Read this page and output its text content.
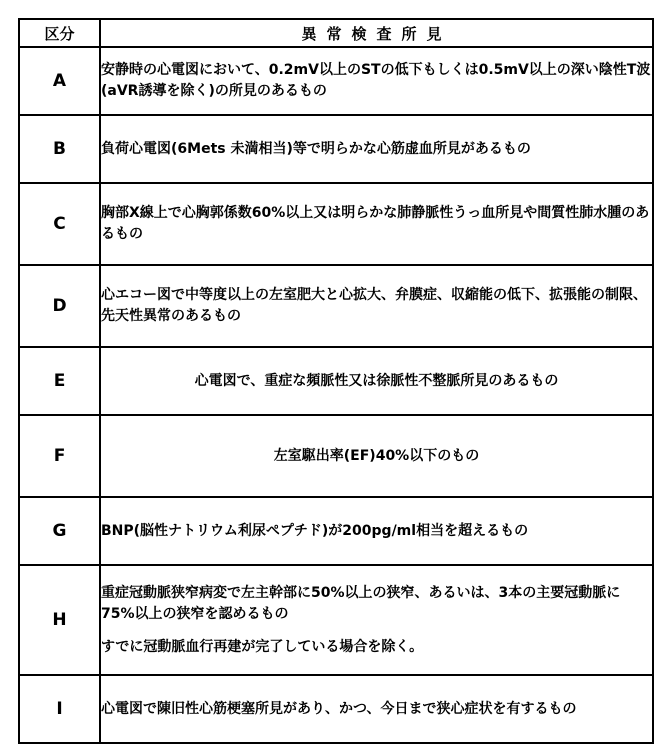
区分	異常検査所見
A	安静時の心電図において、0.2mV以上のSTの低下もしくは0.5mV以上の深い陰性T波(aVR誘導を除く)の所見のあるもの
B	負荷心電図(6Mets 未満相当)等で明らかな心筋虚血所見があるもの
C	胸部X線上で心胸郭係数60%以上又は明らかな肺静脈性うっ血所見や間質性肺水腫のあるもの
D	心エコー図で中等度以上の左室肥大と心拡大、弁膜症、収縮能の低下、拡張能の制限、先天性異常のあるもの
E	心電図で、重症な頻脈性又は徐脈性不整脈所見のあるもの
F	左室駆出率(EF)40%以下のもの
G	BNP(脳性ナトリウム利尿ペプチド)が200pg/ml相当を超えるもの
H	重症冠動脈狭窄病変で左主幹部に50%以上の狭窄、あるいは、3本の主要冠動脈に75%以上の狭窄を認めるもの
すでに冠動脈血行再建が完了している場合を除く。

I	心電図で陳旧性心筋梗塞所見があり、かつ、今日まで狭心症状を有するもの
